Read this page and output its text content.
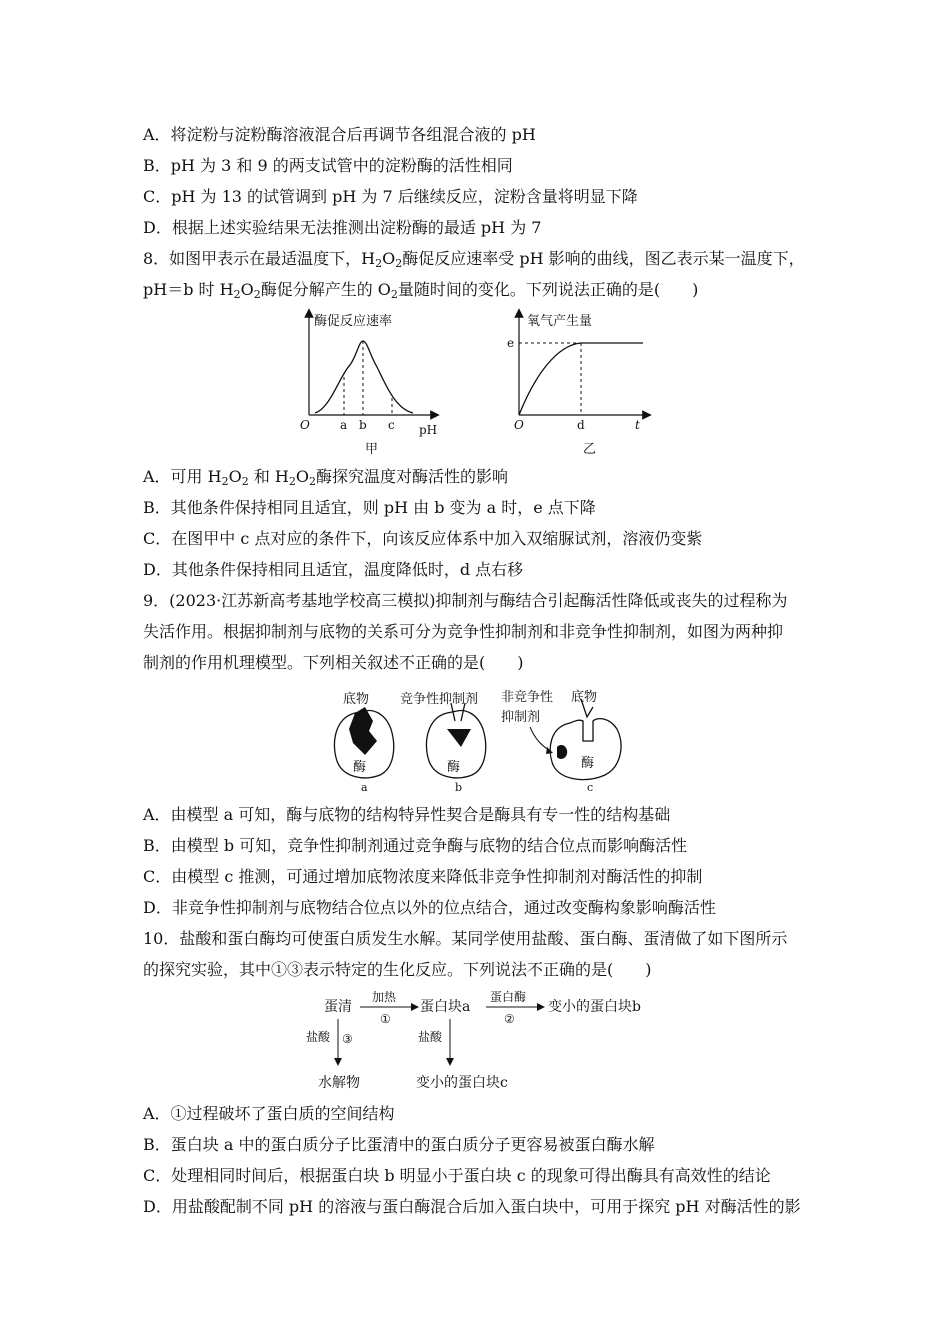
A．将淀粉与淀粉酶溶液混合后再调节各组混合液的 pH
B．pH 为 3 和 9 的两支试管中的淀粉酶的活性相同
C．pH 为 13 的试管调到 pH 为 7 后继续反应，淀粉含量将明显下降
D．根据上述实验结果无法推测出淀粉酶的最适 pH 为 7
8．如图甲表示在最适温度下，$H_2O_2$酶促反应速率受 pH 影响的曲线，图乙表示某一温度下，
pH＝b 时 $H_2O_2$酶促分解产生的 $O_2$量随时间的变化。下列说法正确的是(　　)
酶促反应速率
O	a b c pH
甲
氧气产生量
e
O	d	t
乙
A．可用 $H_2O_2$ 和 $H_2O_2$酶探究温度对酶活性的影响
B．其他条件保持相同且适宜，则 pH 由 b 变为 a 时，e 点下降
C．在图甲中 c 点对应的条件下，向该反应体系中加入双缩脲试剂，溶液仍变紫
D．其他条件保持相同且适宜，温度降低时，d 点右移
9．(2023·江苏新高考基地学校高三模拟)抑制剂与酶结合引起酶活性降低或丧失的过程称为
失活作用。根据抑制剂与底物的关系可分为竞争性抑制剂和非竞争性抑制剂，如图为两种抑
制剂的作用机理模型。下列相关叙述不正确的是(　　)
底物
酶
a
竞争性抑制剂
酶
b
非竞争性
抑制剂
底物
酶
c
A．由模型 a 可知，酶与底物的结构特异性契合是酶具有专一性的结构基础
B．由模型 b 可知，竞争性抑制剂通过竞争酶与底物的结合位点而影响酶活性
C．由模型 c 推测，可通过增加底物浓度来降低非竞争性抑制剂对酶活性的抑制
D．非竞争性抑制剂与底物结合位点以外的位点结合，通过改变酶构象影响酶活性
10．盐酸和蛋白酶均可使蛋白质发生水解。某同学使用盐酸、蛋白酶、蛋清做了如下图所示
的探究实验，其中①③表示特定的生化反应。下列说法不正确的是(　　)
蛋清
加热
①
蛋白块a
蛋白酶
②
变小的蛋白块b
盐酸 ③	盐酸
水解物	变小的蛋白块c
A．①过程破坏了蛋白质的空间结构
B．蛋白块 a 中的蛋白质分子比蛋清中的蛋白质分子更容易被蛋白酶水解
C．处理相同时间后，根据蛋白块 b 明显小于蛋白块 c 的现象可得出酶具有高效性的结论
D．用盐酸配制不同 pH 的溶液与蛋白酶混合后加入蛋白块中，可用于探究 pH 对酶活性的影
